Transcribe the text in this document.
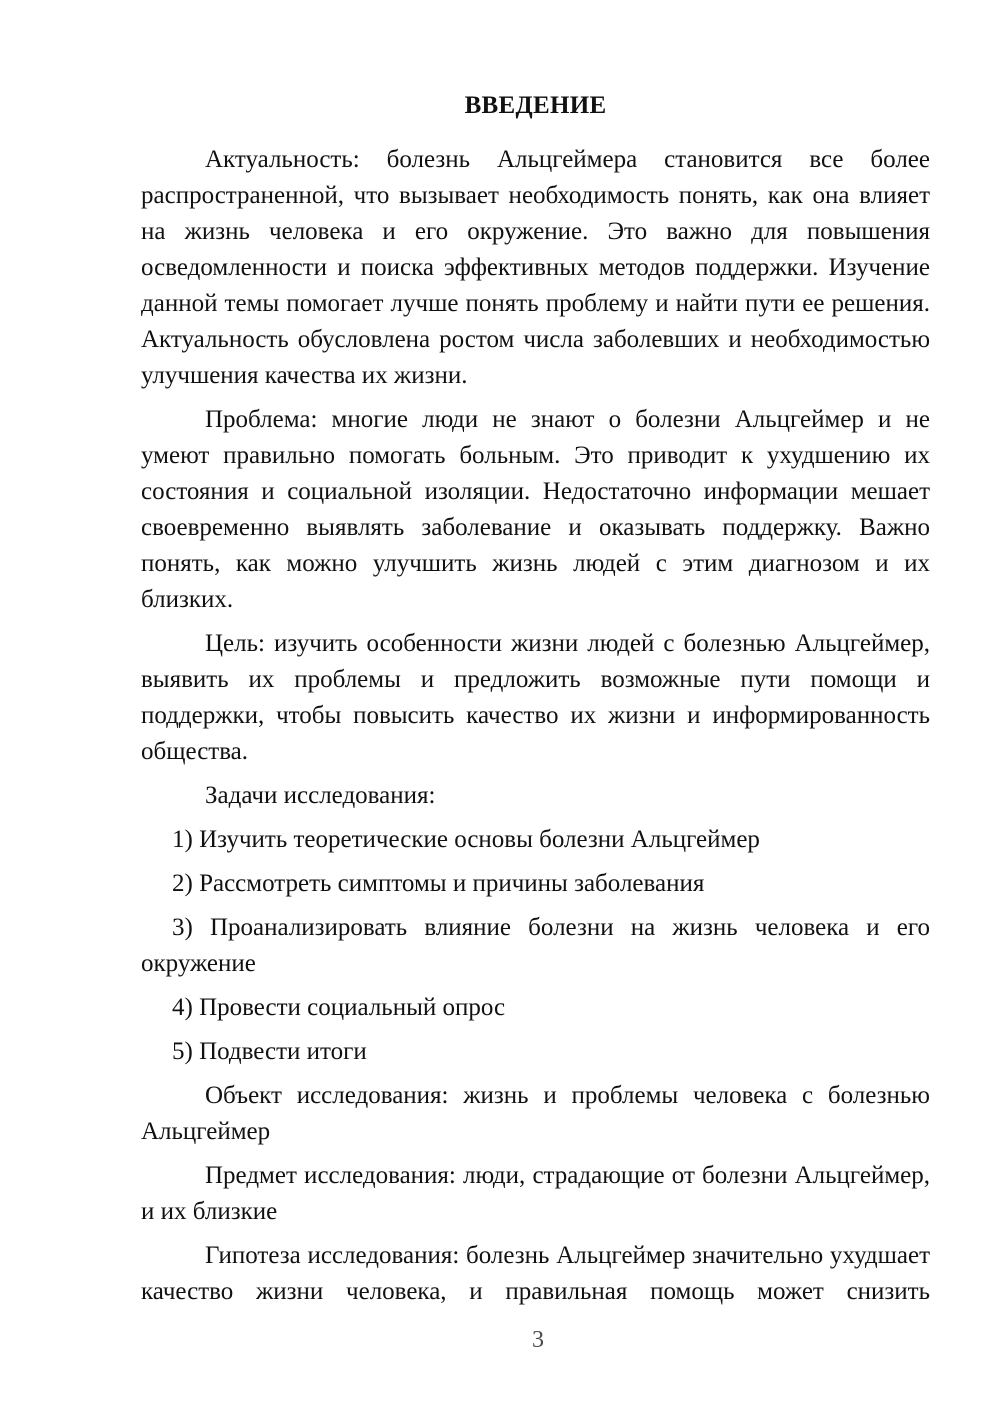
ВВЕДЕНИЕ

Актуальность: болезнь Альцгеймера становится все более распространенной, что вызывает необходимость понять, как она влияет на жизнь человека и его окружение. Это важно для повышения осведомленности и поиска эффективных методов поддержки. Изучение данной темы помогает лучше понять проблему и найти пути ее решения. Актуальность обусловлена ростом числа заболевших и необходимостью улучшения качества их жизни.

Проблема: многие люди не знают о болезни Альцгеймер и не умеют правильно помогать больным. Это приводит к ухудшению их состояния и социальной изоляции. Недостаточно информации мешает своевременно выявлять заболевание и оказывать поддержку. Важно понять, как можно улучшить жизнь людей с этим диагнозом и их близких.

Цель: изучить особенности жизни людей с болезнью Альцгеймер, выявить их проблемы и предложить возможные пути помощи и поддержки, чтобы повысить качество их жизни и информированность общества.

Задачи исследования:

1) Изучить теоретические основы болезни Альцгеймер

2) Рассмотреть симптомы и причины заболевания

3) Проанализировать влияние болезни на жизнь человека и его окружение

4) Провести социальный опрос

5) Подвести итоги

Объект исследования: жизнь и проблемы человека с болезнью Альцгеймер

Предмет исследования: люди, страдающие от болезни Альцгеймер, и их близкие

Гипотеза исследования: болезнь Альцгеймер значительно ухудшает качество жизни человека, и правильная помощь может снизить

3
